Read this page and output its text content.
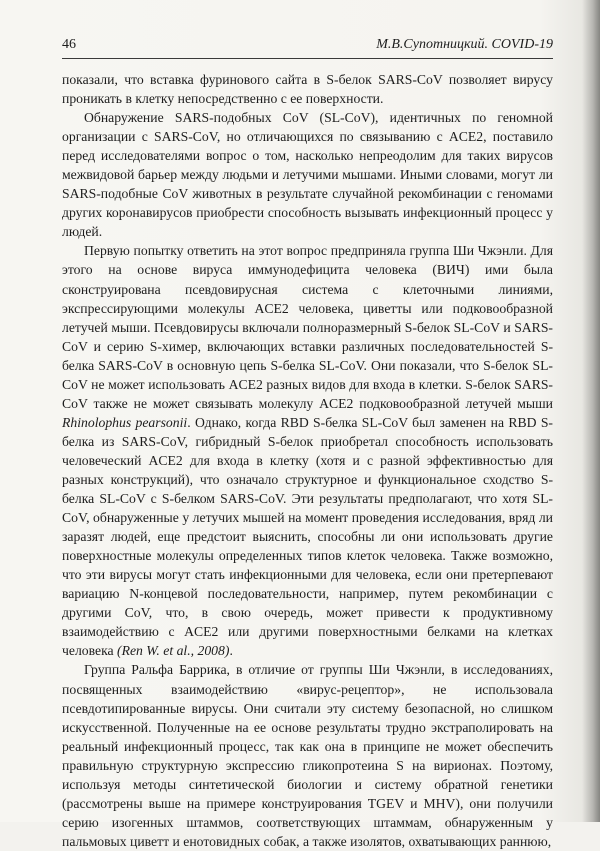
46	М.В.Супотницкий. COVID-19

показали, что вставка фуринового сайта в S-белок SARS-CoV позволяет вирусу проникать в клетку непосредственно с ее поверхности.

Обнаружение SARS-подобных CoV (SL-CoV), идентичных по геномной организации с SARS-CoV, но отличающихся по связыванию с ACE2, поставило перед исследователями вопрос о том, насколько непреодолим для таких вирусов межвидовой барьер между людьми и летучими мышами. Иными словами, могут ли SARS-подобные CoV животных в результате случайной рекомбинации с геномами других коронавирусов приобрести способность вызывать инфекционный процесс у людей.

Первую попытку ответить на этот вопрос предприняла группа Ши Чжэнли. Для этого на основе вируса иммунодефицита человека (ВИЧ) ими была сконструирована псевдовирусная система с клеточными линиями, экспрессирующими молекулы ACE2 человека, циветты или подковообразной летучей мыши. Псевдовирусы включали полноразмерный S-белок SL-CoV и SARS-CoV и серию S-химер, включающих вставки различных последовательностей S-белка SARS-CoV в основную цепь S-белка SL-CoV. Они показали, что S-белок SL-CoV не может использовать ACE2 разных видов для входа в клетки. S-белок SARS-CoV также не может связывать молекулу ACE2 подковообразной летучей мыши Rhinolophus pearsonii. Однако, когда RBD S-белка SL-CoV был заменен на RBD S-белка из SARS-CoV, гибридный S-белок приобретал способность использовать человеческий ACE2 для входа в клетку (хотя и с разной эффективностью для разных конструкций), что означало структурное и функциональное сходство S-белка SL-CoV с S-белком SARS-CoV. Эти результаты предполагают, что хотя SL-CoV, обнаруженные у летучих мышей на момент проведения исследования, вряд ли заразят людей, еще предстоит выяснить, способны ли они использовать другие поверхностные молекулы определенных типов клеток человека. Также возможно, что эти вирусы могут стать инфекционными для человека, если они претерпевают вариацию N-концевой последовательности, например, путем рекомбинации с другими CoV, что, в свою очередь, может привести к продуктивному взаимодействию с ACE2 или другими поверхностными белками на клетках человека (Ren W. et al., 2008).

Группа Ральфа Баррика, в отличие от группы Ши Чжэнли, в исследованиях, посвященных взаимодействию «вирус-рецептор», не использовала псевдотипированные вирусы. Они считали эту систему безопасной, но слишком искусственной. Полученные на ее основе результаты трудно экстраполировать на реальный инфекционный процесс, так как она в принципе не может обеспечить правильную структурную экспрессию гликопротеина S на вирионах. Поэтому, используя методы синтетической биологии и систему обратной генетики (рассмотрены выше на примере конструирования TGEV и MHV), они получили серию изогенных штаммов, соответствующих штаммам, обнаруженным у пальмовых циветт и енотовидных собак, а также изолятов, охватывающих раннюю,
